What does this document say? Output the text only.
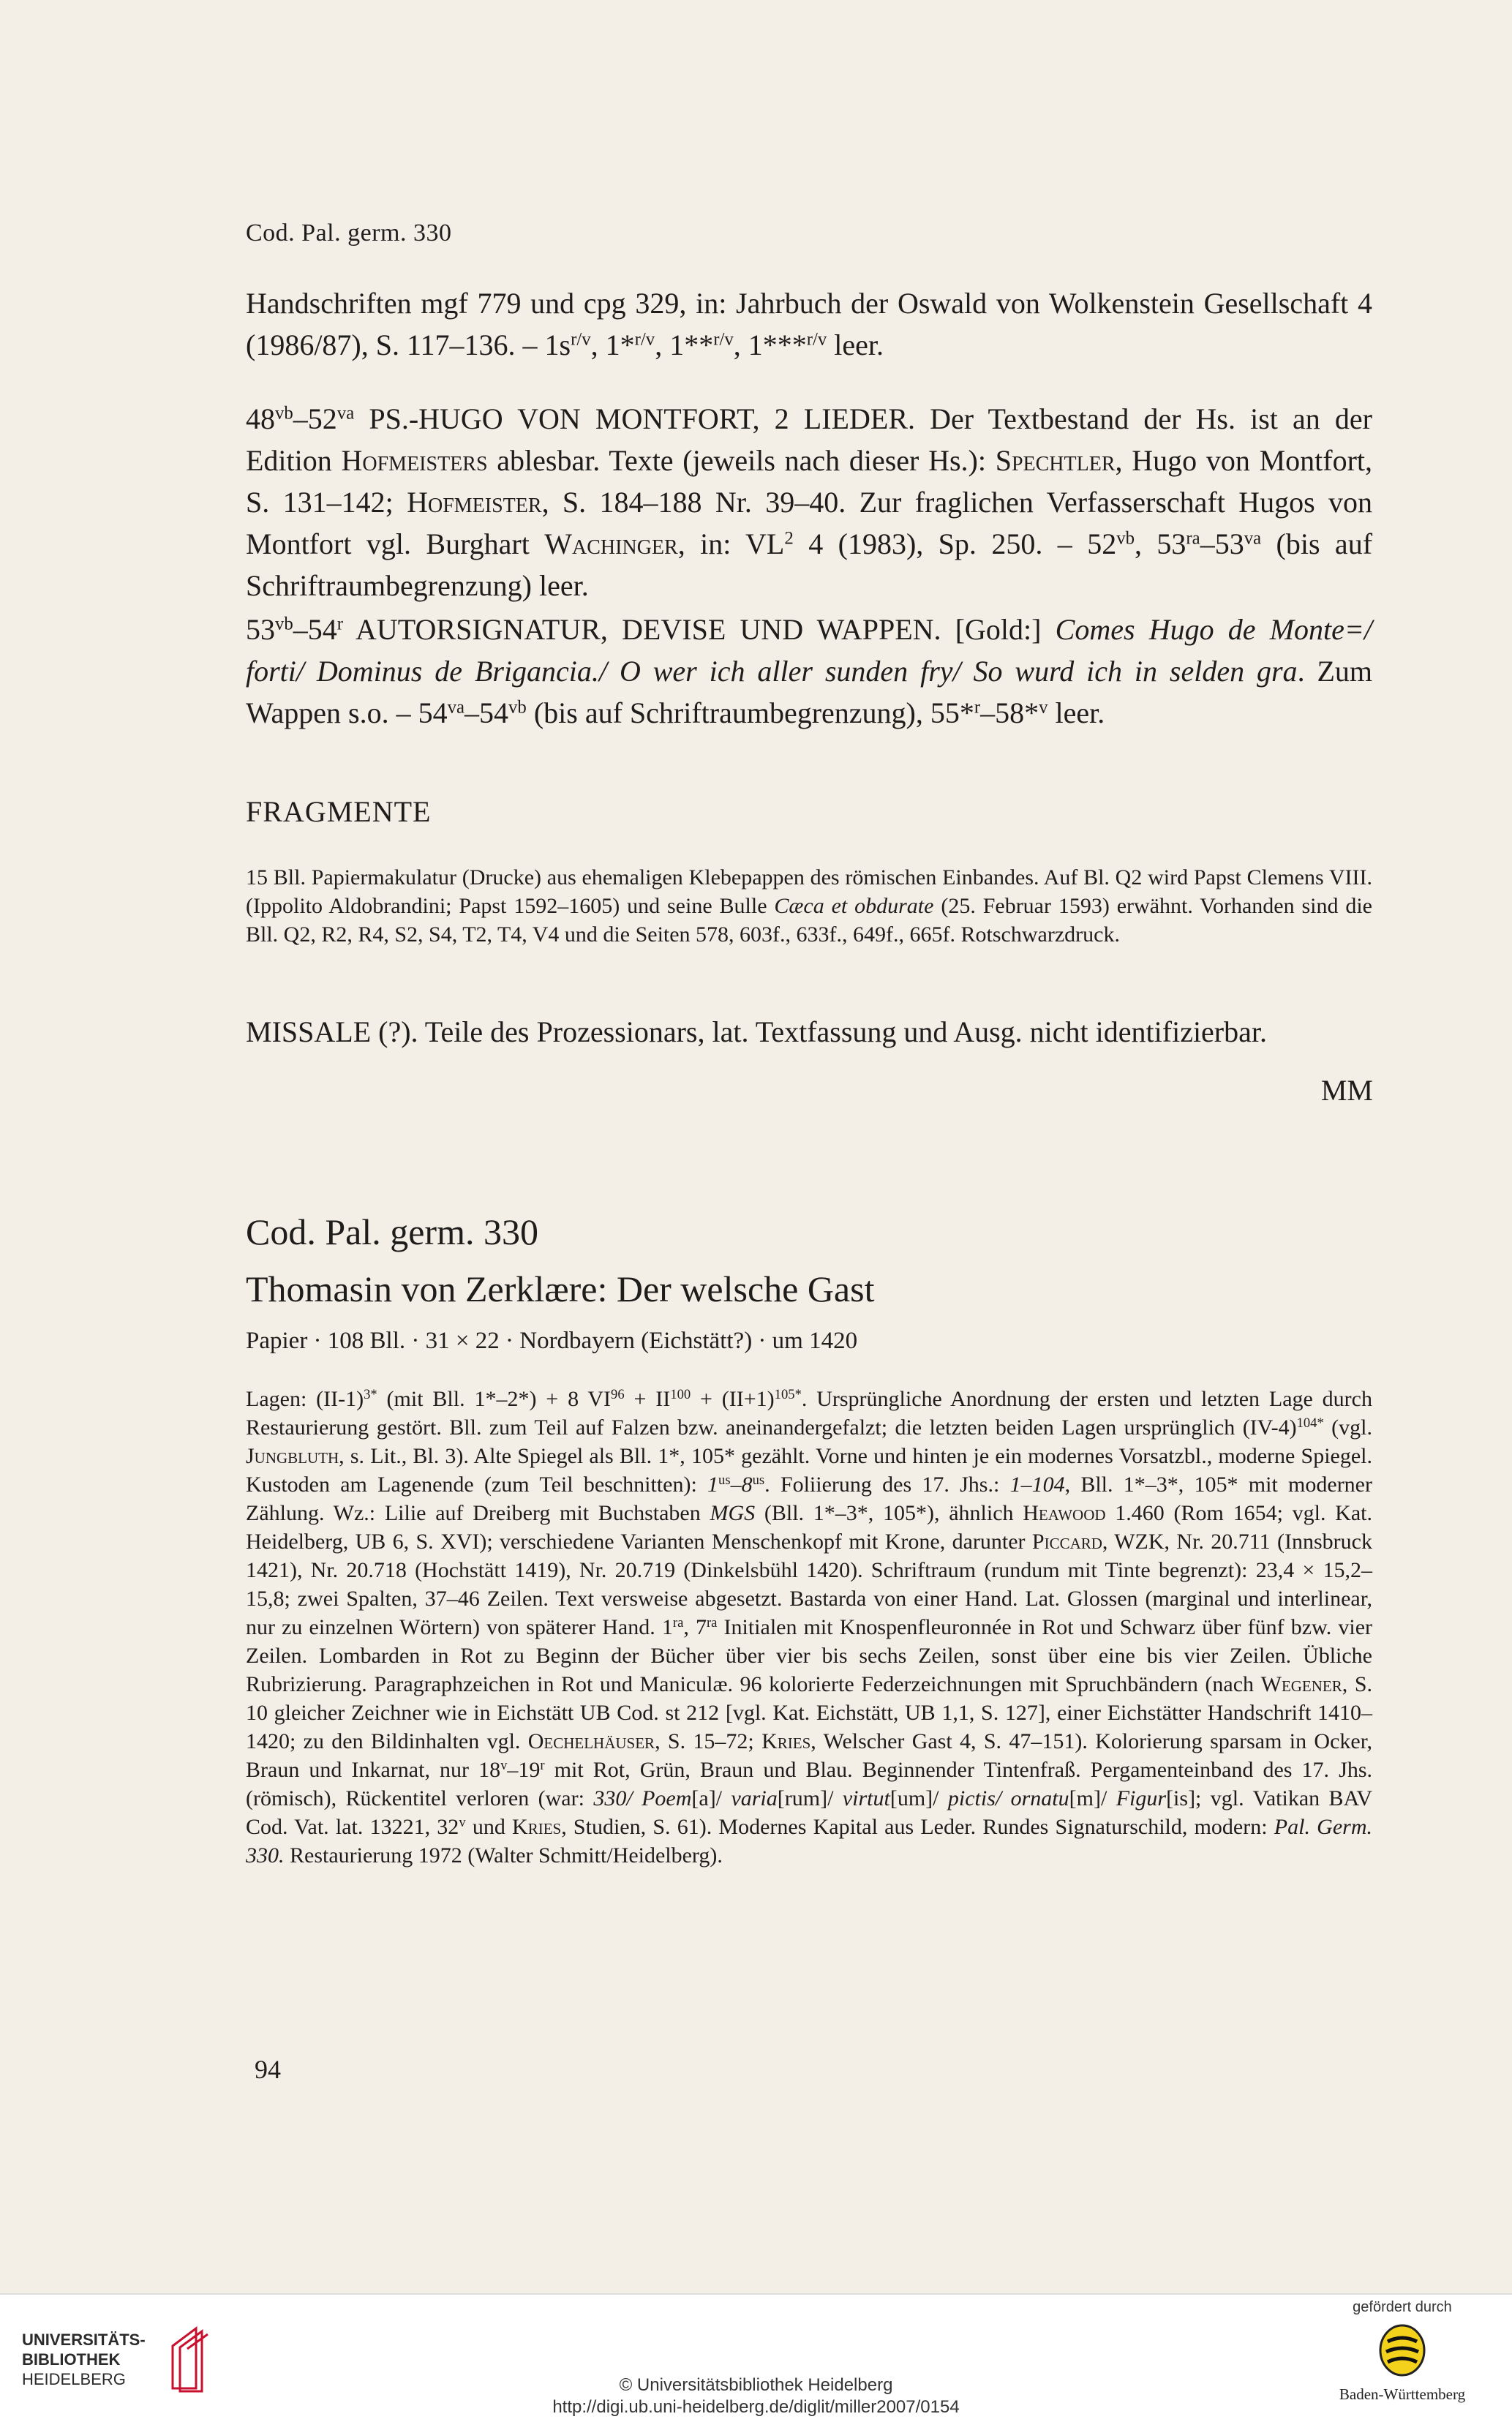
Cod. Pal. germ. 330
Handschriften mgf 779 und cpg 329, in: Jahrbuch der Oswald von Wolkenstein Gesellschaft 4 (1986/87), S. 117–136. – $1s^{r/v}$, 1*$^{r/v}$, 1**$^{r/v}$, 1***$^{r/v}$ leer.
$48^{vb}-52^{va}$ PS.-HUGO VON MONTFORT, 2 LIEDER. Der Textbestand der Hs. ist an der Edition Hofmeisters ablesbar. Texte (jeweils nach dieser Hs.): Spechtler, Hugo von Montfort, S. 131–142; Hofmeister, S. 184–188 Nr. 39–40. Zur fraglichen Verfasserschaft Hugos von Montfort vgl. Burghart Wachinger, in: $VL^2$ 4 (1983), Sp. 250. – $52^{vb}$, $53^{ra}-53^{va}$ (bis auf Schriftraumbegrenzung) leer.
$53^{vb}-54^r$ AUTORSIGNATUR, DEVISE UND WAPPEN. [Gold:] Comes Hugo de Monte=/ forti/ Dominus de Brigancia./ O wer ich aller sunden fry/ So wurd ich in selden gra. Zum Wappen s.o. – $54^{va}-54^{vb}$ (bis auf Schriftraumbegrenzung), 55*$^r$–58*$^v$ leer.
FRAGMENTE
15 Bll. Papiermakulatur (Drucke) aus ehemaligen Klebepappen des römischen Einbandes. Auf Bl. Q2 wird Papst Clemens VIII. (Ippolito Aldobrandini; Papst 1592–1605) und seine Bulle Cæca et obdurate (25. Februar 1593) erwähnt. Vorhanden sind die Bll. Q2, R2, R4, S2, S4, T2, T4, V4 und die Seiten 578, 603f., 633f., 649f., 665f. Rotschwarzdruck.
MISSALE (?). Teile des Prozessionars, lat. Textfassung und Ausg. nicht identifizierbar.
MM
Cod. Pal. germ. 330
Thomasin von Zerklære: Der welsche Gast
Papier · 108 Bll. · 31 × 22 · Nordbayern (Eichstätt?) · um 1420
Lagen: $(II-1)^{3*}$ (mit Bll. 1*–2*) + 8 $VI^{96} + II^{100} + (II+1)^{105*}$. Ursprüngliche Anordnung der ersten und letzten Lage durch Restaurierung gestört. Bll. zum Teil auf Falzen bzw. aneinandergefalzt; die letzten beiden Lagen ursprünglich $(IV-4)^{104*}$ (vgl. Jungbluth, s. Lit., Bl. 3). Alte Spiegel als Bll. 1*, 105* gezählt. Vorne und hinten je ein modernes Vorsatzbl., moderne Spiegel. Kustoden am Lagenende (zum Teil beschnitten): $1^{us}-8^{us}$. Foliierung des 17. Jhs.: 1–104, Bll. 1*–3*, 105* mit moderner Zählung. Wz.: Lilie auf Dreiberg mit Buchstaben MGS (Bll. 1*–3*, 105*), ähnlich Heawood 1.460 (Rom 1654; vgl. Kat. Heidelberg, UB 6, S. XVI); verschiedene Varianten Menschenkopf mit Krone, darunter Piccard, WZK, Nr. 20.711 (Innsbruck 1421), Nr. 20.718 (Hochstätt 1419), Nr. 20.719 (Dinkelsbühl 1420). Schriftraum (rundum mit Tinte begrenzt): 23,4 × 15,2–15,8; zwei Spalten, 37–46 Zeilen. Text versweise abgesetzt. Bastarda von einer Hand. Lat. Glossen (marginal und interlinear, nur zu einzelnen Wörtern) von späterer Hand. $1^{ra}$, $7^{ra}$ Initialen mit Knospenfleuronnée in Rot und Schwarz über fünf bzw. vier Zeilen. Lombarden in Rot zu Beginn der Bücher über vier bis sechs Zeilen, sonst über eine bis vier Zeilen. Übliche Rubrizierung. Paragraphzeichen in Rot und Maniculæ. 96 kolorierte Federzeichnungen mit Spruchbändern (nach Wegener, S. 10 gleicher Zeichner wie in Eichstätt UB Cod. st 212 [vgl. Kat. Eichstätt, UB 1,1, S. 127], einer Eichstätter Handschrift 1410–1420; zu den Bildinhalten vgl. Oechelhäuser, S. 15–72; Kries, Welscher Gast 4, S. 47–151). Kolorierung sparsam in Ocker, Braun und Inkarnat, nur 18$^v$–19$^r$ mit Rot, Grün, Braun und Blau. Beginnender Tintenfraß. Pergamenteinband des 17. Jhs. (römisch), Rückentitel verloren (war: 330/ Poem[a]/ varia[rum]/ virtut[um]/ pictis/ ornatu[m]/ Figur[is]; vgl. Vatikan BAV Cod. Vat. lat. 13221, 32$^v$ und Kries, Studien, S. 61). Modernes Kapital aus Leder. Rundes Signaturschild, modern: Pal. Germ. 330. Restaurierung 1972 (Walter Schmitt/Heidelberg).
94
UNIVERSITÄTS-
BIBLIOTHEK
HEIDELBERG	© Universitätsbibliothek Heidelberg
http://digi.ub.uni-heidelberg.de/diglit/miller2007/0154
gefördert durch
Baden-Württemberg
